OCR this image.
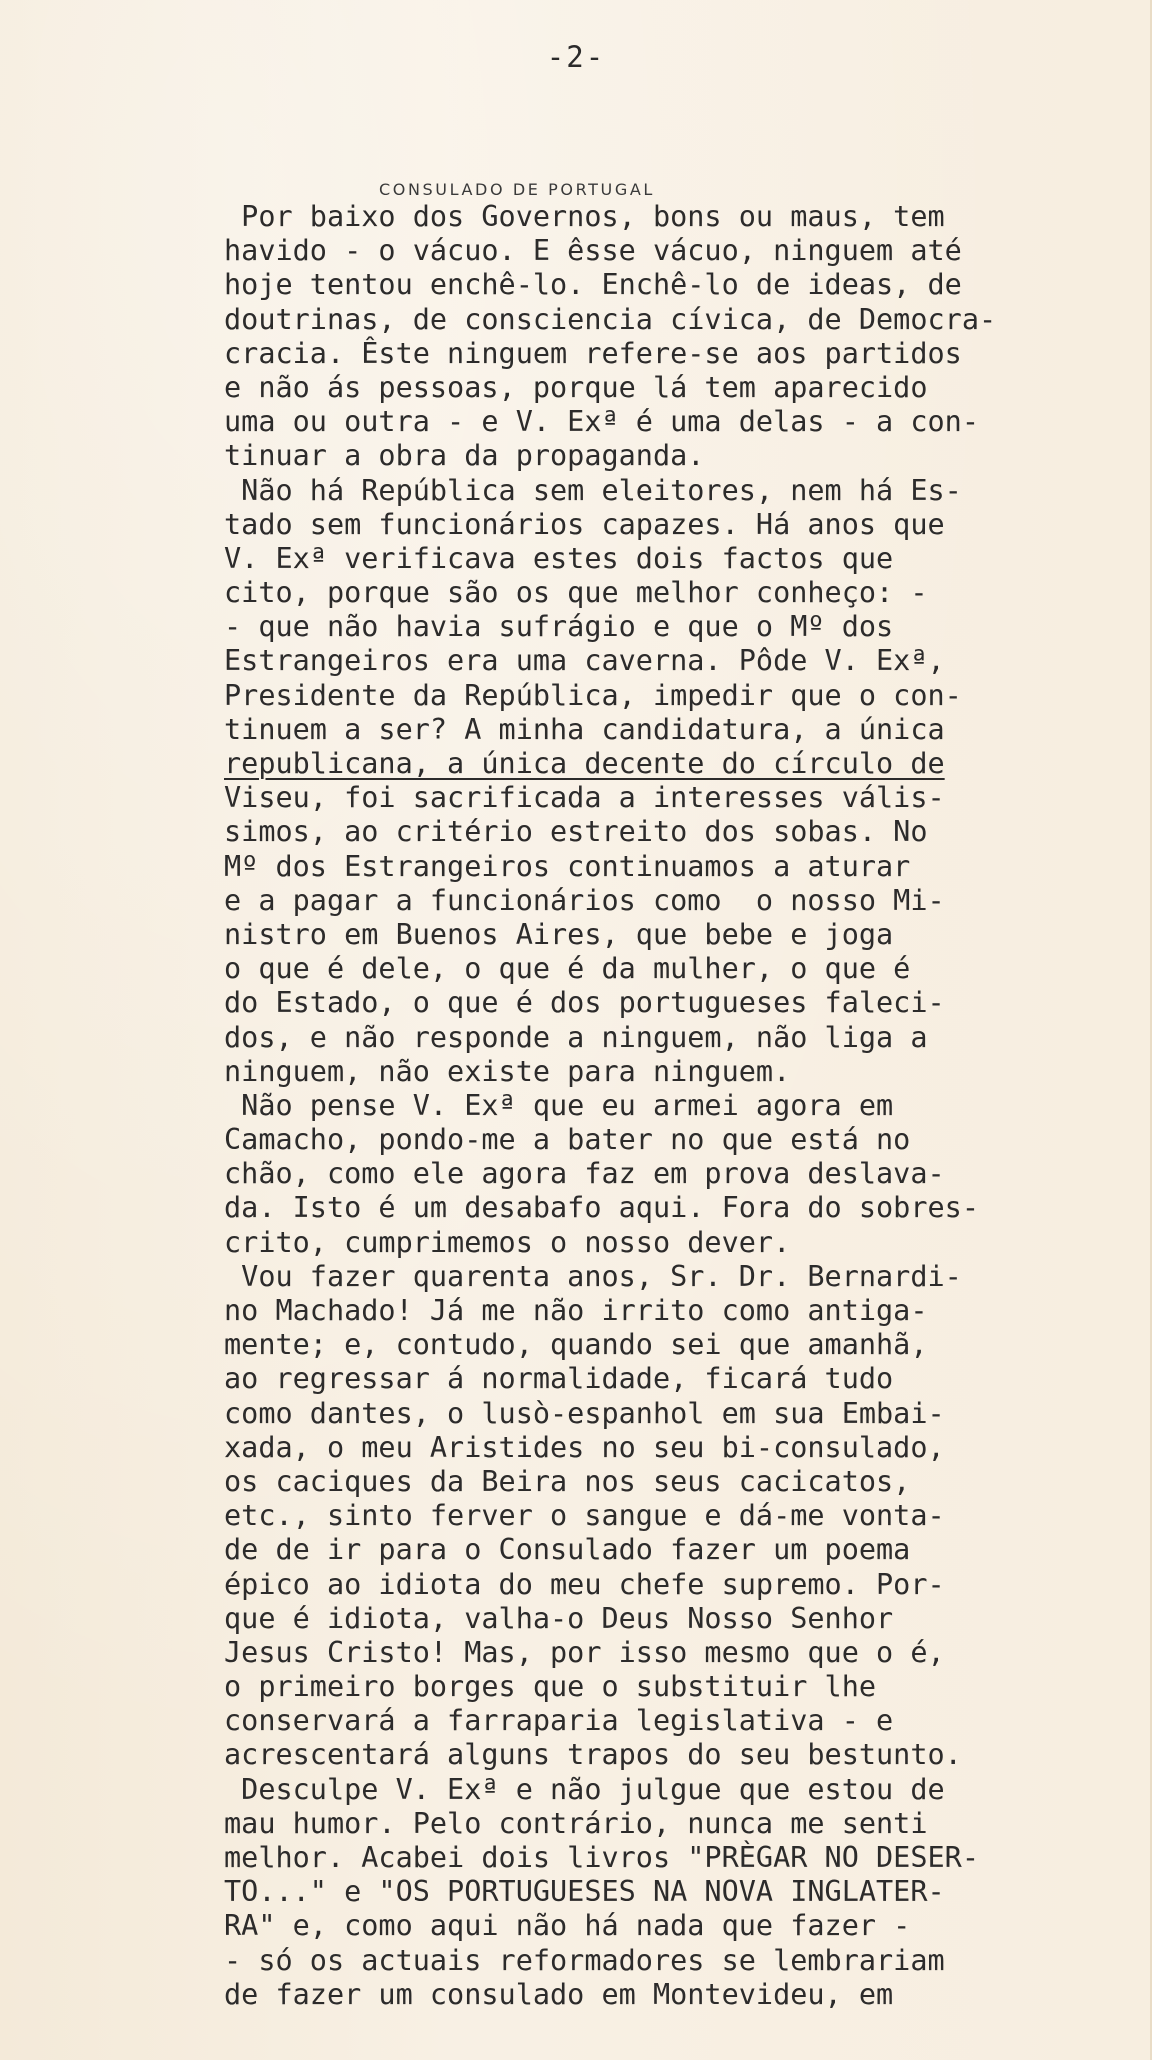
-2-
CONSULADO DE PORTUGAL
Por baixo dos Governos, bons ou maus, tem
havido - o vácuo. E êsse vácuo, ninguem até
hoje tentou enchê-lo. Enchê-lo de ideas, de
doutrinas, de consciencia cívica, de Democra-
cracia. Êste ninguem refere-se aos partidos
e não ás pessoas, porque lá tem aparecido
uma ou outra - e V. Exª é uma delas - a con-
tinuar a obra da propaganda.
Não há República sem eleitores, nem há Es-
tado sem funcionários capazes. Há anos que
V. Exª verificava estes dois factos que
cito, porque são os que melhor conheço: -
- que não havia sufrágio e que o Mº dos
Estrangeiros era uma caverna. Pôde V. Exª,
Presidente da República, impedir que o con-
tinuem a ser? A minha candidatura, a única
republicana, a única decente do círculo de
Viseu, foi sacrificada a interesses vális-
simos, ao critério estreito dos sobas. No
Mº dos Estrangeiros continuamos a aturar
e a pagar a funcionários como  o nosso Mi-
nistro em Buenos Aires, que bebe e joga
o que é dele, o que é da mulher, o que é
do Estado, o que é dos portugueses faleci-
dos, e não responde a ninguem, não liga a
ninguem, não existe para ninguem.
Não pense V. Exª que eu armei agora em
Camacho, pondo-me a bater no que está no
chão, como ele agora faz em prova deslava-
da. Isto é um desabafo aqui. Fora do sobres-
crito, cumprimemos o nosso dever.
Vou fazer quarenta anos, Sr. Dr. Bernardi-
no Machado! Já me não irrito como antiga-
mente; e, contudo, quando sei que amanhã,
ao regressar á normalidade, ficará tudo
como dantes, o lusò-espanhol em sua Embai-
xada, o meu Aristides no seu bi-consulado,
os caciques da Beira nos seus cacicatos,
etc., sinto ferver o sangue e dá-me vonta-
de de ir para o Consulado fazer um poema
épico ao idiota do meu chefe supremo. Por-
que é idiota, valha-o Deus Nosso Senhor
Jesus Cristo! Mas, por isso mesmo que o é,
o primeiro borges que o substituir lhe
conservará a farraparia legislativa - e
acrescentará alguns trapos do seu bestunto.
Desculpe V. Exª e não julgue que estou de
mau humor. Pelo contrário, nunca me senti
melhor. Acabei dois livros "PRÈGAR NO DESER-
TO..." e "OS PORTUGUESES NA NOVA INGLATER-
RA" e, como aqui não há nada que fazer -
- só os actuais reformadores se lembrariam
de fazer um consulado em Montevideu, em
